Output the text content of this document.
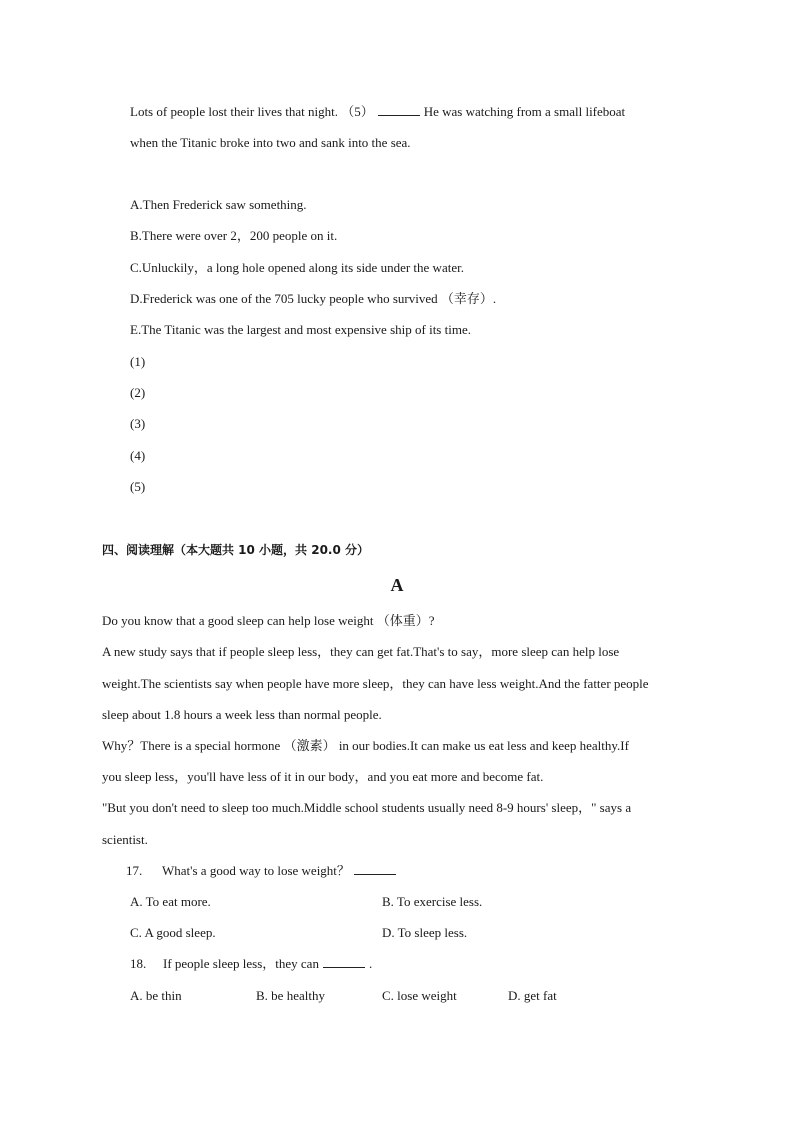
Lots of people lost their lives that night. （5）	He was watching from a small lifeboat
when the Titanic broke into two and sank into the sea.
A.Then Frederick saw something.
B.There were over 2，200 people on it.
C.Unluckily，a long hole opened along its side under the water.
D.Frederick was one of the 705 lucky people who survived （幸存）.
E.The Titanic was the largest and most expensive ship of its time.
(1)
(2)
(3)
(4)
(5)
四、阅读理解（本大题共 10 小题，共 20.0 分）
A
Do you know that a good sleep can help lose weight （体重）?
A new study says that if people sleep less，they can get fat.That's to say，more sleep can help lose
weight.The scientists say when people have more sleep，they can have less weight.And the fatter people
sleep about 1.8 hours a week less than normal people.
Why？There is a special hormone （激素） in our bodies.It can make us eat less and keep healthy.If
you sleep less，you'll have less of it in our body，and you eat more and become fat.
"But you don't need to sleep too much.Middle school students usually need 8-9 hours' sleep，" says a
scientist.
17. What's a good way to lose weight？
A. To eat more.	B. To exercise less.
C. A good sleep.	D. To sleep less.
18. If people sleep less，they can	.
A. be thin	B. be healthy	C. lose weight	D. get fat
